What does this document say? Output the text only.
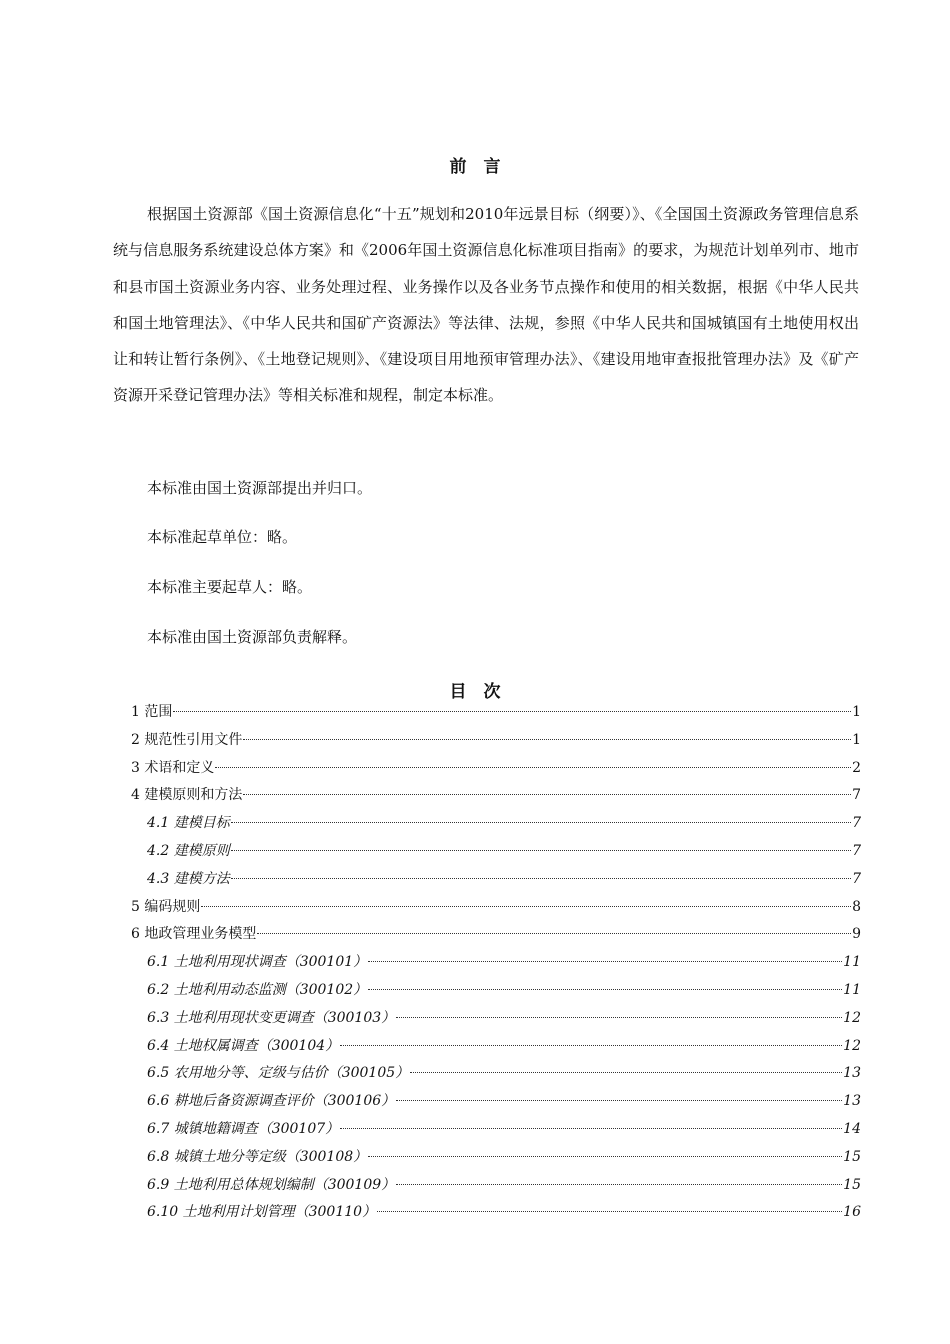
前　言

根据国土资源部《国土资源信息化“十五”规划和2010年远景目标（纲要）》、《全国国土资源政务管理信息系统与信息服务系统建设总体方案》和《2006年国土资源信息化标准项目指南》的要求，为规范计划单列市、地市和县市国土资源业务内容、业务处理过程、业务操作以及各业务节点操作和使用的相关数据，根据《中华人民共和国土地管理法》、《中华人民共和国矿产资源法》等法律、法规，参照《中华人民共和国城镇国有土地使用权出让和转让暂行条例》、《土地登记规则》、《建设项目用地预审管理办法》、《建设用地审查报批管理办法》及《矿产资源开采登记管理办法》等相关标准和规程，制定本标准。

本标准由国土资源部提出并归口。
本标准起草单位：略。
本标准主要起草人：略。
本标准由国土资源部负责解释。
目　次
1 范围	1
2 规范性引用文件	1
3 术语和定义	2
4 建模原则和方法	7
4.1 建模目标	7
4.2 建模原则	7
4.3 建模方法	7
5 编码规则	8
6 地政管理业务模型	9
6.1 土地利用现状调查（300101）	11
6.2 土地利用动态监测（300102）	11
6.3 土地利用现状变更调查（300103）	12
6.4 土地权属调查（300104）	12
6.5 农用地分等、定级与估价（300105）	13
6.6 耕地后备资源调查评价（300106）	13
6.7 城镇地籍调查（300107）	14
6.8 城镇土地分等定级（300108）	15
6.9 土地利用总体规划编制（300109）	15
6.10 土地利用计划管理（300110）	16
